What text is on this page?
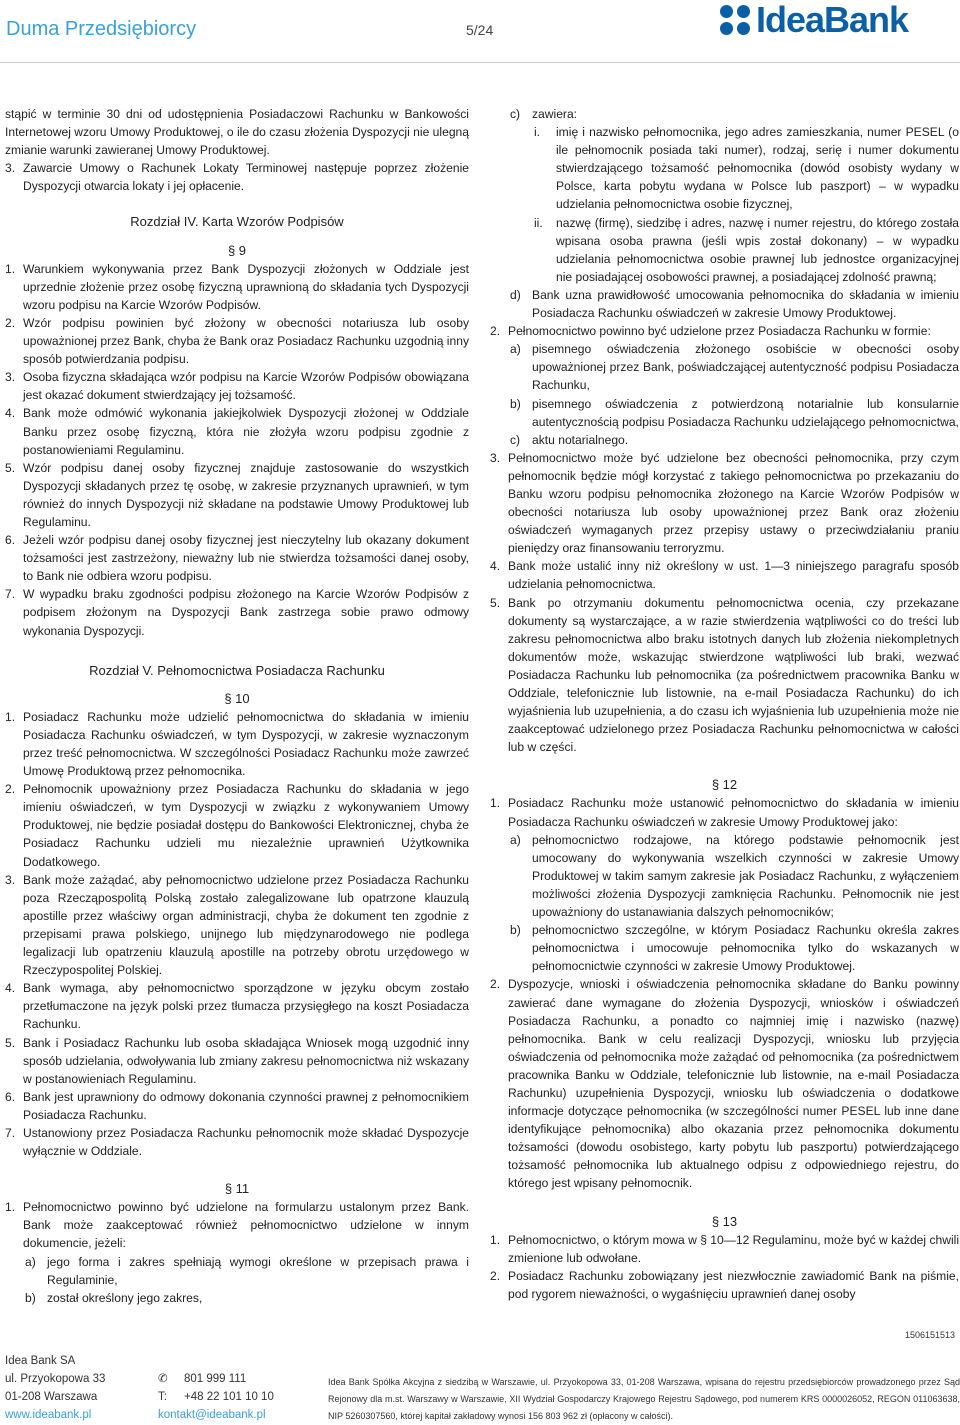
Duma Przedsiębiorcy	5/24	IdeaBank

stąpić w terminie 30 dni od udostępnienia Posiadaczowi Rachunku w Bankowości Internetowej wzoru Umowy Produktowej, o ile do czasu złożenia Dyspozycji nie ulegną zmianie warunki zawieranej Umowy Produktowej.

3. Zawarcie Umowy o Rachunek Lokaty Terminowej następuje poprzez złożenie Dyspozycji otwarcia lokaty i jej opłacenie.
Rozdział IV. Karta Wzorów Podpisów
§ 9
1. Warunkiem wykonywania przez Bank Dyspozycji złożonych w Oddziale jest uprzednie złożenie przez osobę fizyczną uprawnioną do składania tych Dyspozycji wzoru podpisu na Karcie Wzorów Podpisów.
2. Wzór podpisu powinien być złożony w obecności notariusza lub osoby upoważnionej przez Bank, chyba że Bank oraz Posiadacz Rachunku uzgodnią inny sposób potwierdzania podpisu.
3. Osoba fizyczna składająca wzór podpisu na Karcie Wzorów Podpisów obowiązana jest okazać dokument stwierdzający jej tożsamość.
4. Bank może odmówić wykonania jakiejkolwiek Dyspozycji złożonej w Oddziale Banku przez osobę fizyczną, która nie złożyła wzoru podpisu zgodnie z postanowieniami Regulaminu.
5. Wzór podpisu danej osoby fizycznej znajduje zastosowanie do wszystkich Dyspozycji składanych przez tę osobę, w zakresie przyznanych uprawnień, w tym również do innych Dyspozycji niż składane na podstawie Umowy Produktowej lub Regulaminu.
6. Jeżeli wzór podpisu danej osoby fizycznej jest nieczytelny lub okazany dokument tożsamości jest zastrzeżony, nieważny lub nie stwierdza tożsamości danej osoby, to Bank nie odbiera wzoru podpisu.
7. W wypadku braku zgodności podpisu złożonego na Karcie Wzorów Podpisów z podpisem złożonym na Dyspozycji Bank zastrzega sobie prawo odmowy wykonania Dyspozycji.
Rozdział V. Pełnomocnictwa Posiadacza Rachunku
§ 10
1. Posiadacz Rachunku może udzielić pełnomocnictwa do składania w imieniu Posiadacza Rachunku oświadczeń, w tym Dyspozycji, w zakresie wyznaczonym przez treść pełnomocnictwa. W szczególności Posiadacz Rachunku może zawrzeć Umowę Produktową przez pełnomocnika.
2. Pełnomocnik upoważniony przez Posiadacza Rachunku do składania w jego imieniu oświadczeń, w tym Dyspozycji w związku z wykonywaniem Umowy Produktowej, nie będzie posiadał dostępu do Bankowości Elektronicznej, chyba że Posiadacz Rachunku udzieli mu niezależnie uprawnień Użytkownika Dodatkowego.
3. Bank może zażądać, aby pełnomocnictwo udzielone przez Posiadacza Rachunku poza Rzecząpospolitą Polską zostało zalegalizowane lub opatrzone klauzulą apostille przez właściwy organ administracji, chyba że dokument ten zgodnie z przepisami prawa polskiego, unijnego lub międzynarodowego nie podlega legalizacji lub opatrzeniu klauzulą apostille na potrzeby obrotu urzędowego w Rzeczypospolitej Polskiej.
4. Bank wymaga, aby pełnomocnictwo sporządzone w języku obcym zostało przetłumaczone na język polski przez tłumacza przysięgłego na koszt Posiadacza Rachunku.
5. Bank i Posiadacz Rachunku lub osoba składająca Wniosek mogą uzgodnić inny sposób udzielania, odwoływania lub zmiany zakresu pełnomocnictwa niż wskazany w postanowieniach Regulaminu.
6. Bank jest uprawniony do odmowy dokonania czynności prawnej z pełnomocnikiem Posiadacza Rachunku.
7. Ustanowiony przez Posiadacza Rachunku pełnomocnik może składać Dyspozycje wyłącznie w Oddziale.
§ 11
1. Pełnomocnictwo powinno być udzielone na formularzu ustalonym przez Bank. Bank może zaakceptować również pełnomocnictwo udzielone w innym dokumencie, jeżeli:
a) jego forma i zakres spełniają wymogi określone w przepisach prawa i Regulaminie,
b) został określony jego zakres,
c) zawiera:
i.	imię i nazwisko pełnomocnika, jego adres zamieszkania, numer PESEL (o ile pełnomocnik posiada taki numer), rodzaj, serię i numer dokumentu stwierdzającego tożsamość pełnomocnika (dowód osobisty wydany w Polsce, karta pobytu wydana w Polsce lub paszport) – w wypadku udzielania pełnomocnictwa osobie fizycznej,
ii.	nazwę (firmę), siedzibę i adres, nazwę i numer rejestru, do którego została wpisana osoba prawna (jeśli wpis został dokonany) – w wypadku udzielania pełnomocnictwa osobie prawnej lub jednostce organizacyjnej nie posiadającej osobowości prawnej, a posiadającej zdolność prawną;
d) Bank uzna prawidłowość umocowania pełnomocnika do składania w imieniu Posiadacza Rachunku oświadczeń w zakresie Umowy Produktowej.
2. Pełnomocnictwo powinno być udzielone przez Posiadacza Rachunku w formie:
a) pisemnego oświadczenia złożonego osobiście w obecności osoby upoważnionej przez Bank, poświadczającej autentyczność podpisu Posiadacza Rachunku,
b) pisemnego oświadczenia z potwierdzoną notarialnie lub konsularnie autentycznością podpisu Posiadacza Rachunku udzielającego pełnomocnictwa,
c) aktu notarialnego.
3. Pełnomocnictwo może być udzielone bez obecności pełnomocnika, przy czym pełnomocnik będzie mógł korzystać z takiego pełnomocnictwa po przekazaniu do Banku wzoru podpisu pełnomocnika złożonego na Karcie Wzorów Podpisów w obecności notariusza lub osoby upoważnionej przez Bank oraz złożeniu oświadczeń wymaganych przez przepisy ustawy o przeciwdziałaniu praniu pieniędzy oraz finansowaniu terroryzmu.
4. Bank może ustalić inny niż określony w ust. 1—3 niniejszego paragrafu sposób udzielania pełnomocnictwa.
5. Bank po otrzymaniu dokumentu pełnomocnictwa ocenia, czy przekazane dokumenty są wystarczające, a w razie stwierdzenia wątpliwości co do treści lub zakresu pełnomocnictwa albo braku istotnych danych lub złożenia niekompletnych dokumentów może, wskazując stwierdzone wątpliwości lub braki, wezwać Posiadacza Rachunku lub pełnomocnika (za pośrednictwem pracownika Banku w Oddziale, telefonicznie lub listownie, na e-mail Posiadacza Rachunku) do ich wyjaśnienia lub uzupełnienia, a do czasu ich wyjaśnienia lub uzupełnienia może nie zaakceptować udzielonego przez Posiadacza Rachunku pełnomocnictwa w całości lub w części.
§ 12
1. Posiadacz Rachunku może ustanowić pełnomocnictwo do składania w imieniu Posiadacza Rachunku oświadczeń w zakresie Umowy Produktowej jako:
a) pełnomocnictwo rodzajowe, na którego podstawie pełnomocnik jest umocowany do wykonywania wszelkich czynności w zakresie Umowy Produktowej w takim samym zakresie jak Posiadacz Rachunku, z wyłączeniem możliwości złożenia Dyspozycji zamknięcia Rachunku. Pełnomocnik nie jest upoważniony do ustanawiania dalszych pełnomocników;
b) pełnomocnictwo szczególne, w którym Posiadacz Rachunku określa zakres pełnomocnictwa i umocowuje pełnomocnika tylko do wskazanych w pełnomocnictwie czynności w zakresie Umowy Produktowej.
2. Dyspozycje, wnioski i oświadczenia pełnomocnika składane do Banku powinny zawierać dane wymagane do złożenia Dyspozycji, wniosków i oświadczeń Posiadacza Rachunku, a ponadto co najmniej imię i nazwisko (nazwę) pełnomocnika. Bank w celu realizacji Dyspozycji, wniosku lub przyjęcia oświadczenia od pełnomocnika może zażądać od pełnomocnika (za pośrednictwem pracownika Banku w Oddziale, telefonicznie lub listownie, na e-mail Posiadacza Rachunku) uzupełnienia Dyspozycji, wniosku lub oświadczenia o dodatkowe informacje dotyczące pełnomocnika (w szczególności numer PESEL lub inne dane identyfikujące pełnomocnika) albo okazania przez pełnomocnika dokumentu tożsamości (dowodu osobistego, karty pobytu lub paszportu) potwierdzającego tożsamość pełnomocnika lub aktualnego odpisu z odpowiedniego rejestru, do którego jest wpisany pełnomocnik.
§ 13
1. Pełnomocnictwo, o którym mowa w § 10—12 Regulaminu, może być w każdej chwili zmienione lub odwołane.
2. Posiadacz Rachunku zobowiązany jest niezwłocznie zawiadomić Bank na piśmie, pod rygorem nieważności, o wygaśnięciu uprawnień danej osoby
1506151513
Idea Bank SA
ul. Przyokopowa 33
01-208 Warszawa
www.ideabank.pl
✆	801 999 111
T:	+48 22 101 10 10
kontakt@ideabank.pl
Idea Bank Spółka Akcyjna z siedzibą w Warszawie, ul. Przyokopowa 33, 01-208 Warszawa, wpisana do rejestru przedsiębiorców prowadzonego przez Sąd Rejonowy dla m.st. Warszawy w Warszawie, XII Wydział Gospodarczy Krajowego Rejestru Sądowego, pod numerem KRS 0000026052, REGON 011063638, NIP 5260307560, której kapitał zakładowy wynosi 156 803 962 zł (opłacony w całości).
